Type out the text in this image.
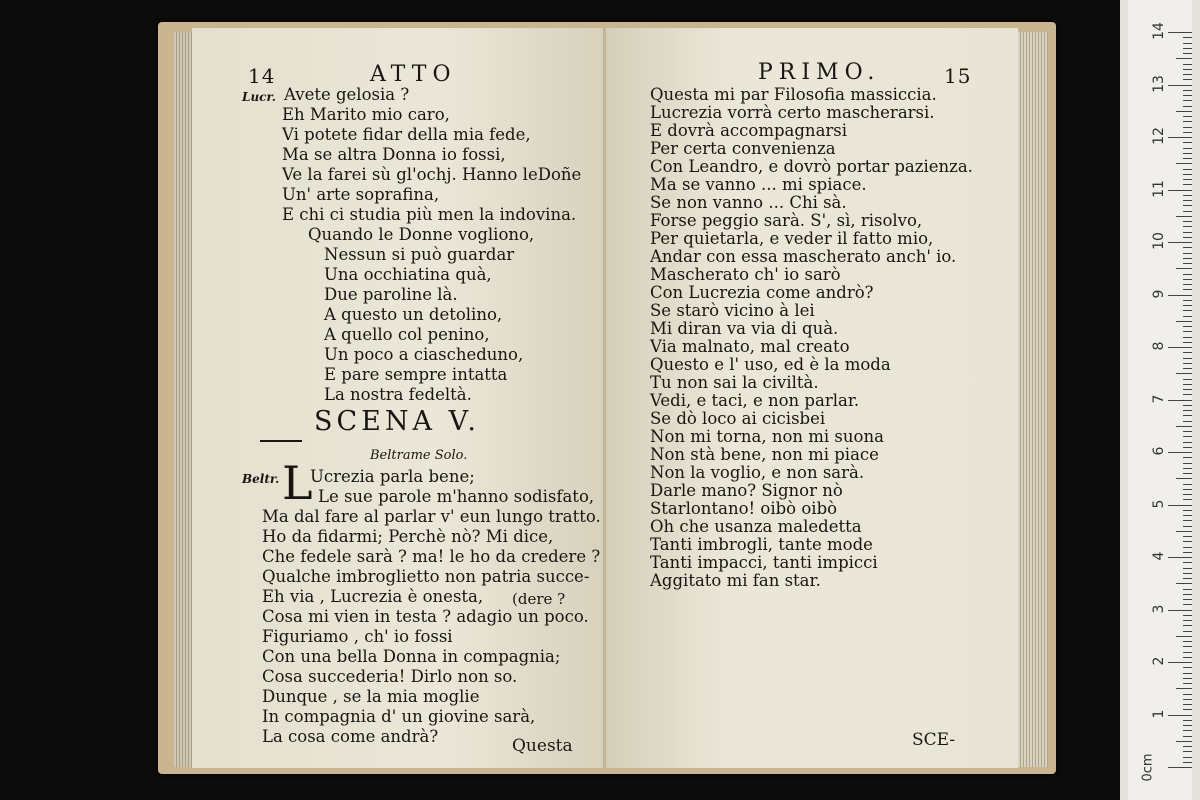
14	ATTO
Lucr. Avete gelosia ?
Eh Marito mio caro,
Vi potete fidar della mia fede,
Ma se altra Donna io fossi,
Ve la farei sù gl'ochj. Hanno leDoñe
Un' arte soprafina,
E chi ci studia più men la indovina.
Quando le Donne vogliono,
Nessun si può guardar
Una occhiatina quà,
Due paroline là.
A questo un detolino,
A quello col penino,
Un poco a ciascheduno,
E pare sempre intatta
La nostra fedeltà.
SCENA V.
Beltrame Solo.
Beltr. L
Ucrezia parla bene;
Le sue parole m'hanno sodisfato,
Ma dal fare al parlar v' eun lungo tratto.
Ho da fidarmi; Perchè nò? Mi dice,
Che fedele sarà ? ma! le ho da credere ?
Qualche imbroglietto non patria succe-
Eh via , Lucrezia è onesta, (dere ?
Cosa mi vien in testa ? adagio un poco.
Figuriamo , ch' io fossi
Con una bella Donna in compagnia;
Cosa succederia! Dirlo non so.
Dunque , se la mia moglie
In compagnia d' un giovine sarà,
La cosa come andrà?	Questa
PRIMO.	15
Questa mi par Filosofia massiccia.
Lucrezia vorrà certo mascherarsi.
E dovrà accompagnarsi
Per certa convenienza
Con Leandro, e dovrò portar pazienza.
Ma se vanno ... mi spiace.
Se non vanno ... Chi sà.
Forse peggio sarà. S', sì, risolvo,
Per quietarla, e veder il fatto mio,
Andar con essa mascherato anch' io.
Mascherato ch' io sarò
Con Lucrezia come andrò?
Se starò vicino à lei
Mi diran va via di quà.
Via malnato, mal creato
Questo e l' uso, ed è la moda
Tu non sai la civiltà.
Vedi, e taci, e non parlar.
Se dò loco ai cicisbei
Non mi torna, non mi suona
Non stà bene, non mi piace
Non la voglio, e non sarà.
Darle mano? Signor nò
Starlontano! oibò oibò
Oh che usanza maledetta
Tanti imbrogli, tante mode
Tanti impacci, tanti impicci
Aggitato mi fan star.
SCE-
14
13
12
11
10
9
8
7
6
5
4
3
2
1
0cm
